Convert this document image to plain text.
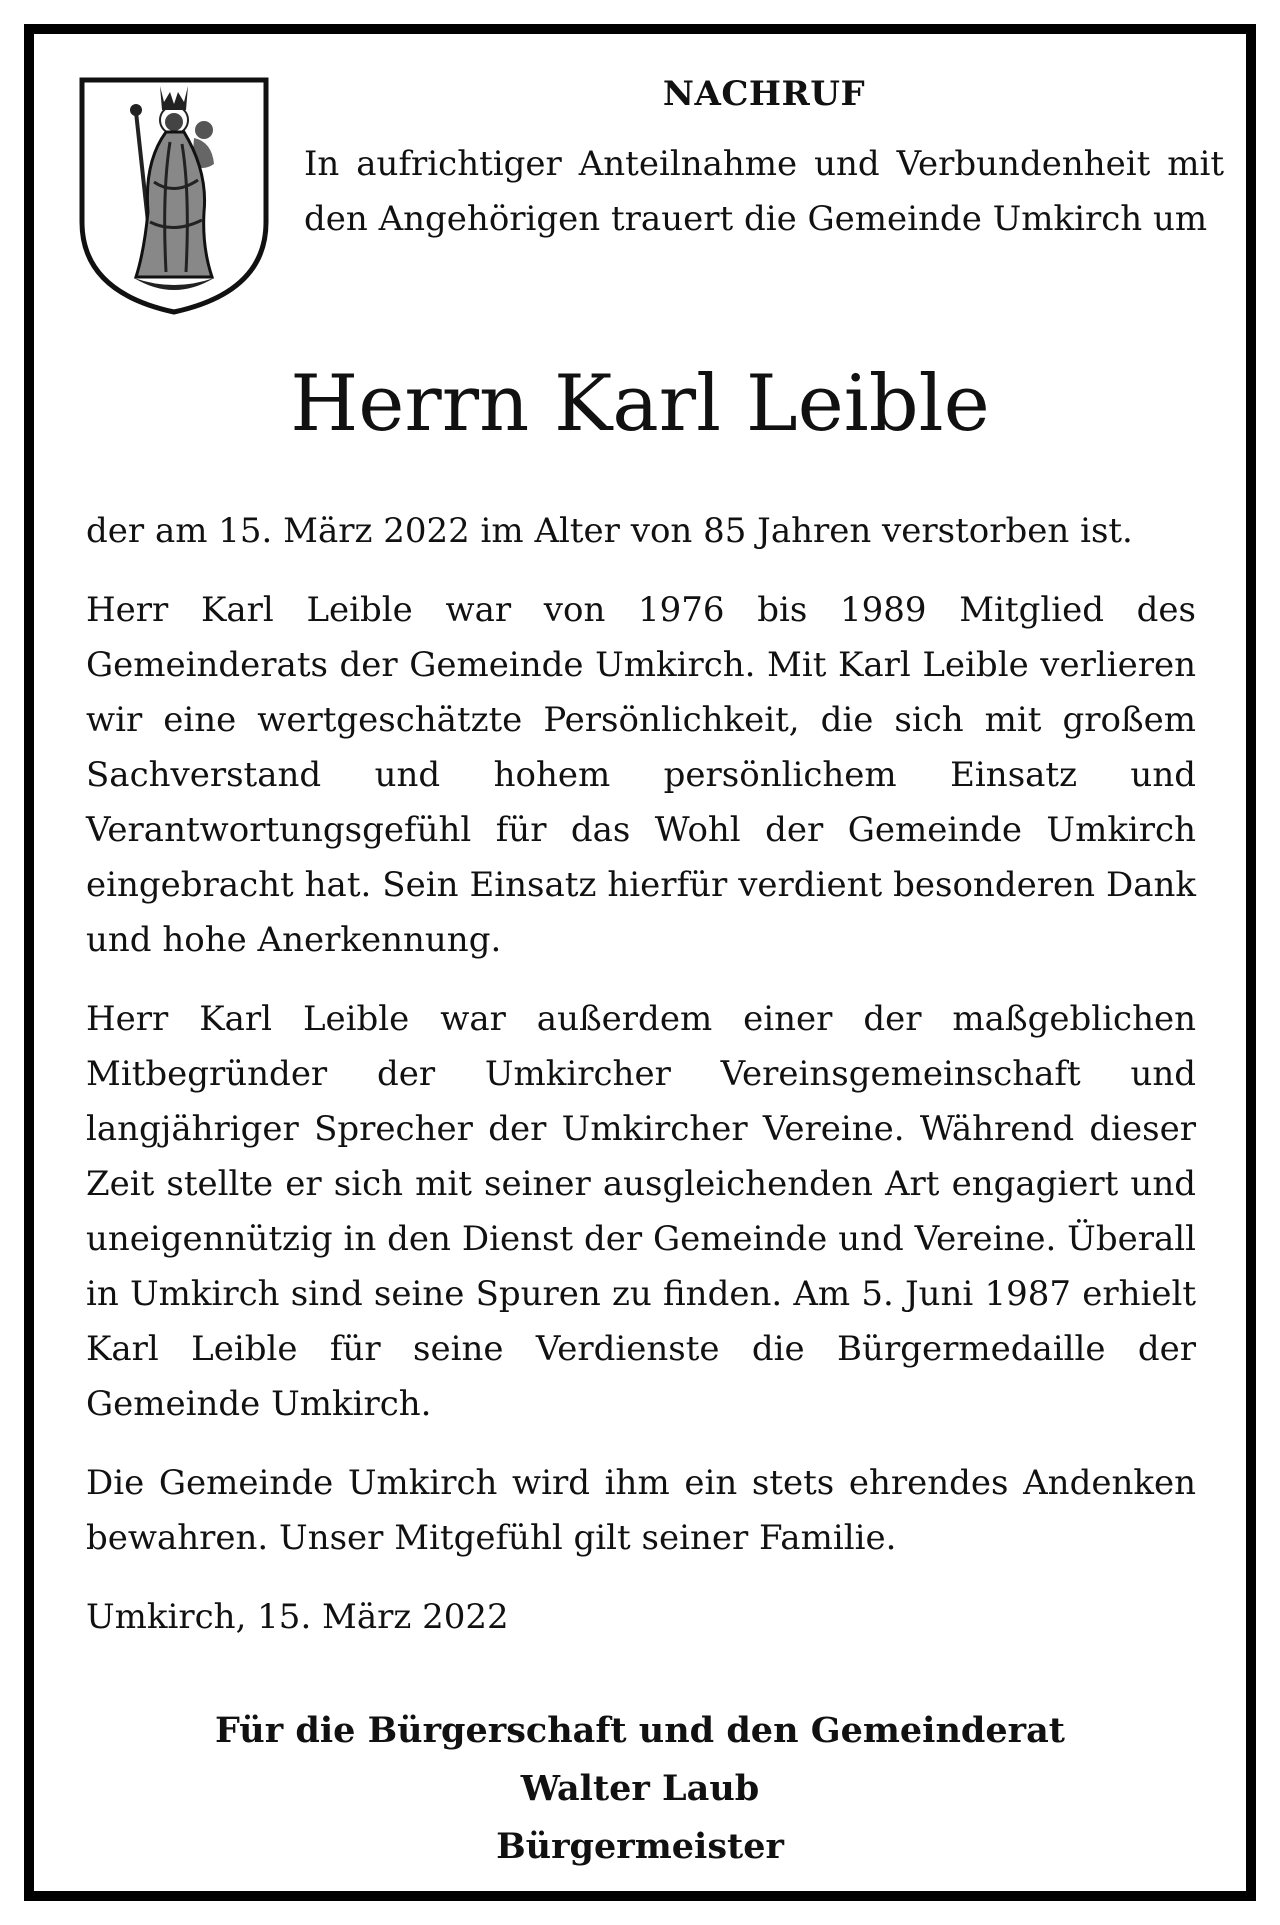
NACHRUF

In aufrichtiger Anteilnahme und Verbundenheit mit den Angehörigen trauert die Gemeinde Umkirch um

Herrn Karl Leible

der am 15. März 2022 im Alter von 85 Jahren verstorben ist.

Herr Karl Leible war von 1976 bis 1989 Mitglied des Gemeinderats der Gemeinde Umkirch. Mit Karl Leible verlieren wir eine wertgeschätzte Persönlichkeit, die sich mit großem Sachverstand und hohem persönlichem Einsatz und Verantwortungsgefühl für das Wohl der Gemeinde Umkirch eingebracht hat. Sein Einsatz hierfür verdient besonderen Dank und hohe Anerkennung.

Herr Karl Leible war außerdem einer der maßgeblichen Mitbegründer der Umkircher Vereinsgemeinschaft und langjähriger Sprecher der Umkircher Vereine. Während dieser Zeit stellte er sich mit seiner ausgleichenden Art engagiert und uneigennützig in den Dienst der Gemeinde und Vereine. Überall in Umkirch sind seine Spuren zu finden. Am 5. Juni 1987 erhielt Karl Leible für seine Verdienste die Bürgermedaille der Gemeinde Umkirch.

Die Gemeinde Umkirch wird ihm ein stets ehrendes Andenken bewahren. Unser Mitgefühl gilt seiner Familie.

Umkirch, 15. März 2022

Für die Bürgerschaft und den Gemeinderat
Walter Laub
Bürgermeister
